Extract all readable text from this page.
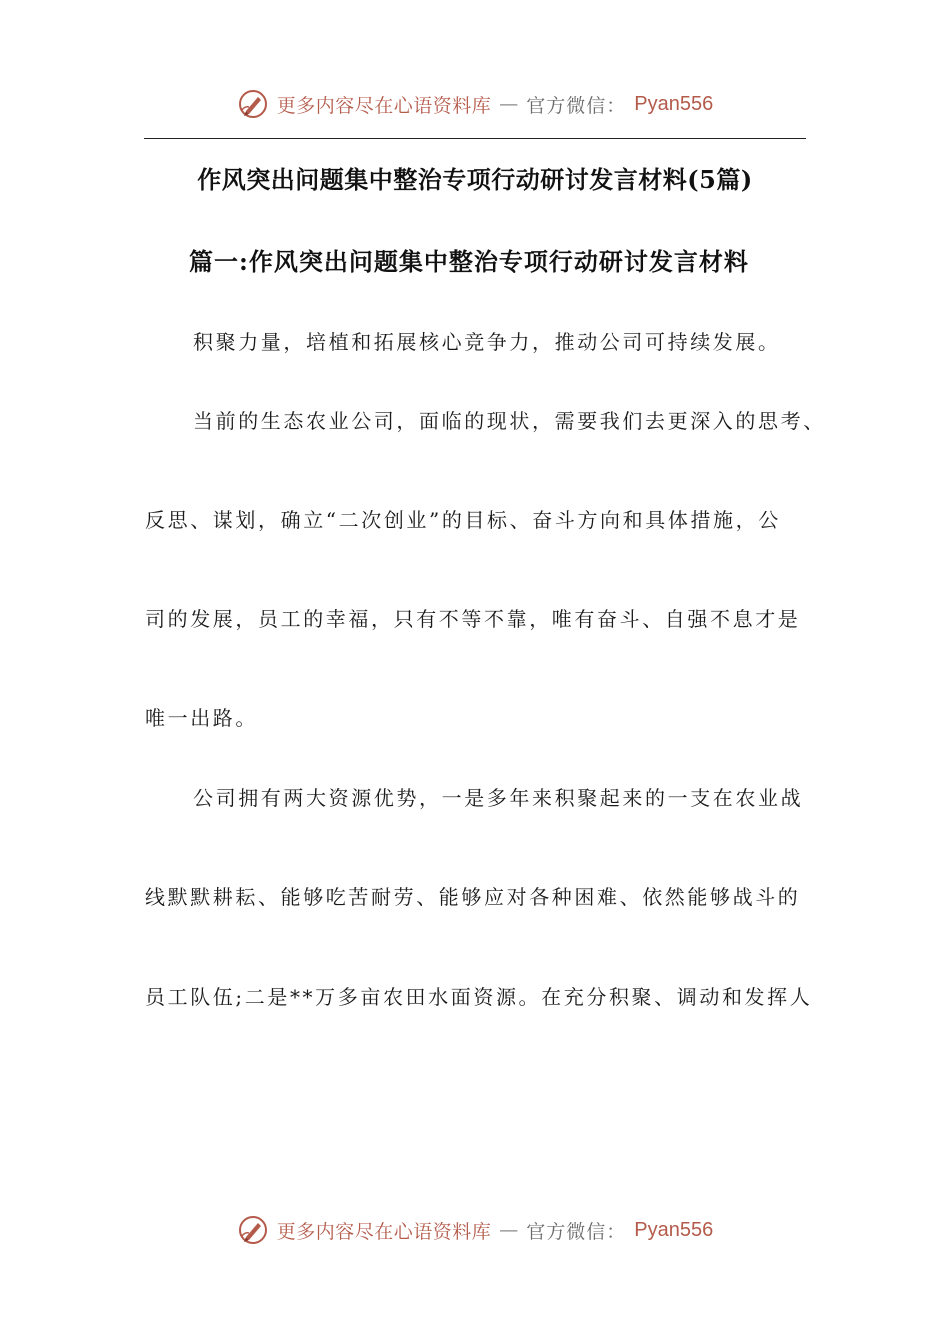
更多内容尽在心语资料库 — 官方微信： Pyan556
作风突出问题集中整治专项行动研讨发言材料(5篇)
篇一:作风突出问题集中整治专项行动研讨发言材料
积聚力量，培植和拓展核心竞争力，推动公司可持续发展。
当前的生态农业公司，面临的现状，需要我们去更深入的思考、
反思、谋划，确立“二次创业”的目标、奋斗方向和具体措施，公
司的发展，员工的幸福，只有不等不靠，唯有奋斗、自强不息才是
唯一出路。
公司拥有两大资源优势，一是多年来积聚起来的一支在农业战
线默默耕耘、能够吃苦耐劳、能够应对各种困难、依然能够战斗的
员工队伍;二是**万多亩农田水面资源。在充分积聚、调动和发挥人
更多内容尽在心语资料库 — 官方微信： Pyan556
